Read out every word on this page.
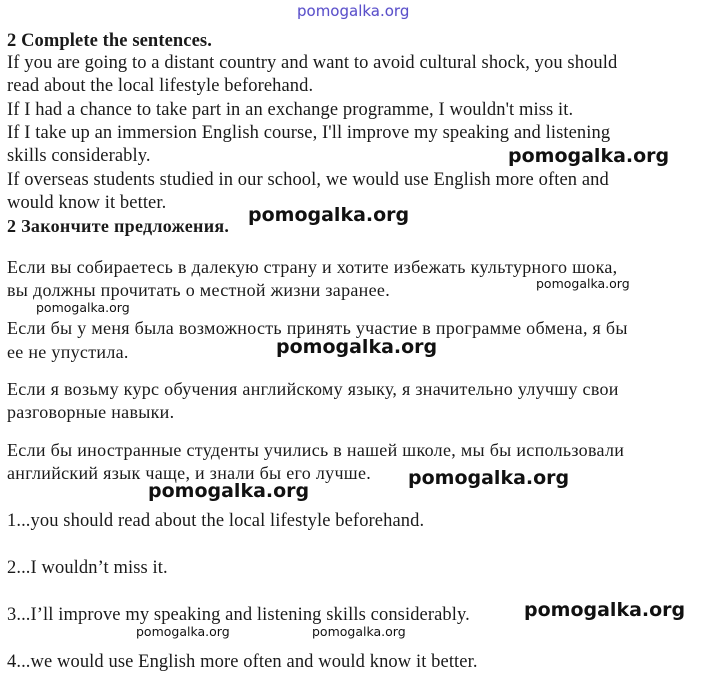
pomogalka.org
2 Complete the sentences.
If you are going to a distant country and want to avoid cultural shock, you should
read about the local lifestyle beforehand.
If I had a chance to take part in an exchange programme, I wouldn't miss it.
If I take up an immersion English course, I'll improve my speaking and listening
skills considerably.
If overseas students studied in our school, we would use English more often and
would know it better.
2 Закончите предложения.
Если вы собираетесь в далекую страну и хотите избежать культурного шока,
вы должны прочитать о местной жизни заранее.
Если бы у меня была возможность принять участие в программе обмена, я бы
ее не упустила.
Если я возьму курс обучения английскому языку, я значительно улучшу свои
разговорные навыки.
Если бы иностранные студенты учились в нашей школе, мы бы использовали
английский язык чаще, и знали бы его лучше.
1...you should read about the local lifestyle beforehand.
2...I wouldn’t miss it.
3...I’ll improve my speaking and listening skills considerably.
4...we would use English more often and would know it better.
pomogalka.org
pomogalka.org
pomogalka.org
pomogalka.org
pomogalka.org
pomogalka.org
pomogalka.org
pomogalka.org
pomogalka.org	pomogalka.org
